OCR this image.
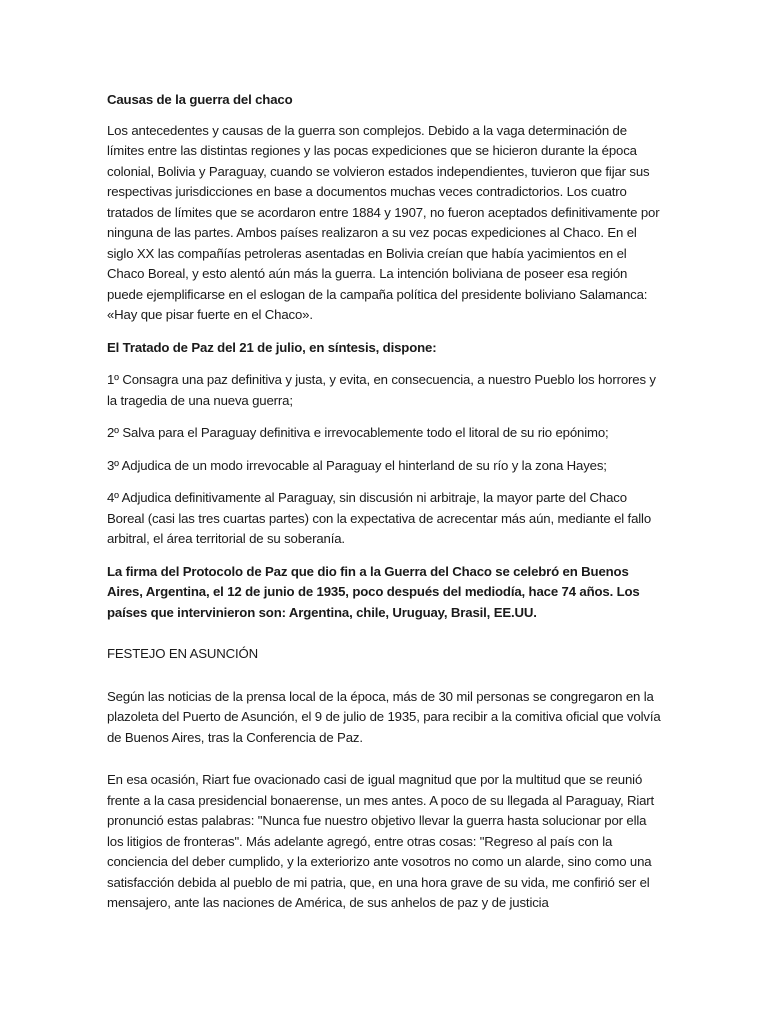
Causas de la guerra del chaco

Los antecedentes y causas de la guerra son complejos. Debido a la vaga determinación de límites entre las distintas regiones y las pocas expediciones que se hicieron durante la época colonial, Bolivia y Paraguay, cuando se volvieron estados independientes, tuvieron que fijar sus respectivas jurisdicciones en base a documentos muchas veces contradictorios. Los cuatro tratados de límites que se acordaron entre 1884 y 1907, no fueron aceptados definitivamente por ninguna de las partes. Ambos países realizaron a su vez pocas expediciones al Chaco. En el siglo XX las compañías petroleras asentadas en Bolivia creían que había yacimientos en el Chaco Boreal, y esto alentó aún más la guerra. La intención boliviana de poseer esa región puede ejemplificarse en el eslogan de la campaña política del presidente boliviano Salamanca: «Hay que pisar fuerte en el Chaco».

El Tratado de Paz del 21 de julio, en síntesis, dispone:

1º Consagra una paz definitiva y justa, y evita, en consecuencia, a nuestro Pueblo los horrores y la tragedia de una nueva guerra;

2º Salva para el Paraguay definitiva e irrevocablemente todo el litoral de su rio epónimo;

3º Adjudica de un modo irrevocable al Paraguay el hinterland de su río y la zona Hayes;

4º Adjudica definitivamente al Paraguay, sin discusión ni arbitraje, la mayor parte del Chaco Boreal (casi las tres cuartas partes) con la expectativa de acrecentar más aún, mediante el fallo arbitral, el área territorial de su soberanía.

La firma del Protocolo de Paz que dio fin a la Guerra del Chaco se celebró en Buenos Aires, Argentina, el 12 de junio de 1935, poco después del mediodía, hace 74 años. Los países que intervinieron son: Argentina, chile, Uruguay, Brasil, EE.UU.

FESTEJO EN ASUNCIÓN

Según las noticias de la prensa local de la época, más de 30 mil personas se congregaron en la plazoleta del Puerto de Asunción, el 9 de julio de 1935, para recibir a la comitiva oficial que volvía de Buenos Aires, tras la Conferencia de Paz.

En esa ocasión, Riart fue ovacionado casi de igual magnitud que por la multitud que se reunió frente a la casa presidencial bonaerense, un mes antes. A poco de su llegada al Paraguay, Riart pronunció estas palabras: "Nunca fue nuestro objetivo llevar la guerra hasta solucionar por ella los litigios de fronteras". Más adelante agregó, entre otras cosas: "Regreso al país con la conciencia del deber cumplido, y la exteriorizo ante vosotros no como un alarde, sino como una satisfacción debida al pueblo de mi patria, que, en una hora grave de su vida, me confirió ser el mensajero, ante las naciones de América, de sus anhelos de paz y de justicia
